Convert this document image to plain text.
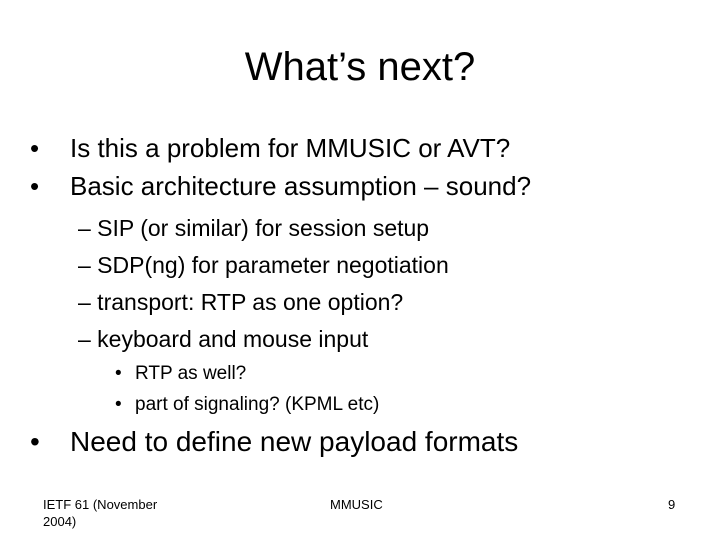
What’s next?
• Is this a problem for MMUSIC or AVT?
• Basic architecture assumption – sound?
– SIP (or similar) for session setup
– SDP(ng) for parameter negotiation
– transport: RTP as one option?
– keyboard and mouse input
• RTP as well?
• part of signaling? (KPML etc)
• Need to define new payload formats
IETF 61 (November 2004)
MMUSIC	9
